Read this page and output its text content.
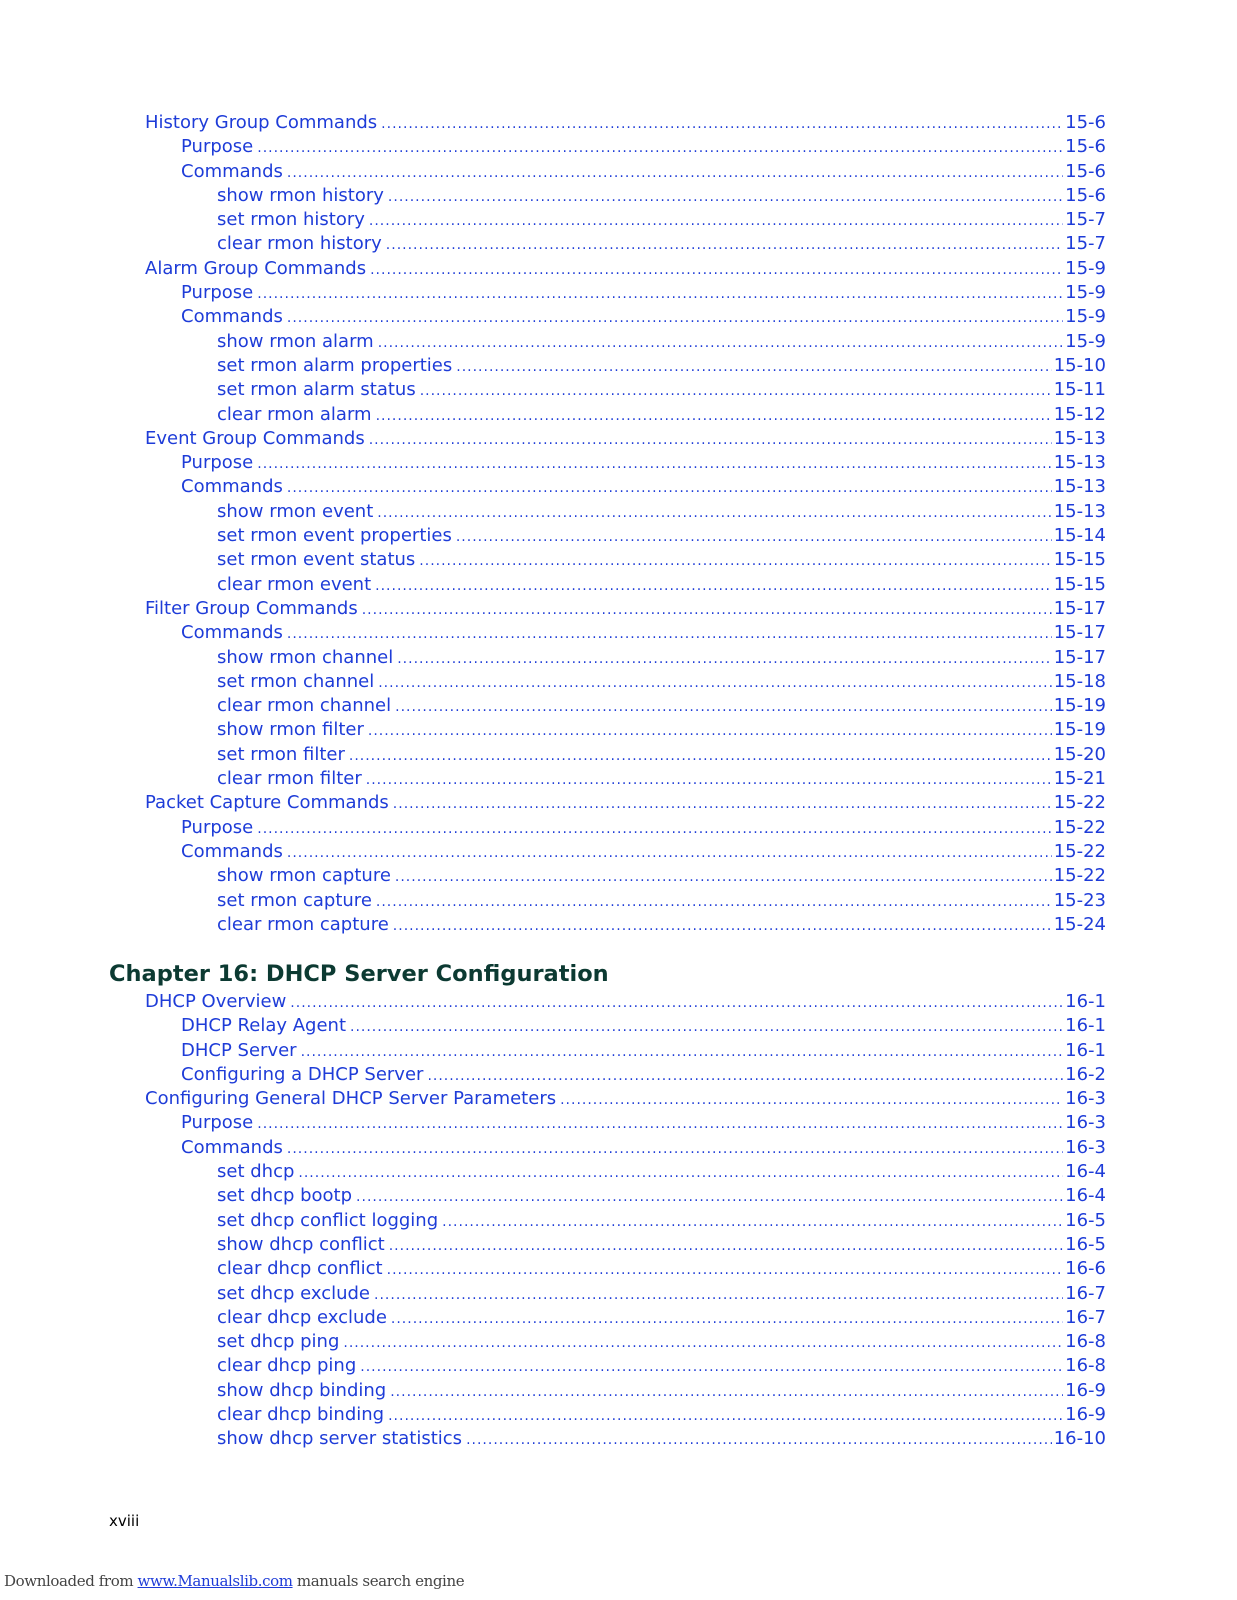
History Group Commands .....	15-6
Purpose .....	15-6
Commands .....	15-6
show rmon history .....	15-6
set rmon history .....	15-7
clear rmon history .....	15-7
Alarm Group Commands .....	15-9
Purpose .....	15-9
Commands .....	15-9
show rmon alarm .....	15-9
set rmon alarm properties .....	15-10
set rmon alarm status .....	15-11
clear rmon alarm .....	15-12
Event Group Commands .....	15-13
Purpose .....	15-13
Commands .....	15-13
show rmon event .....	15-13
set rmon event properties .....	15-14
set rmon event status .....	15-15
clear rmon event .....	15-15
Filter Group Commands .....	15-17
Commands .....	15-17
show rmon channel .....	15-17
set rmon channel .....	15-18
clear rmon channel .....	15-19
show rmon filter .....	15-19
set rmon filter .....	15-20
clear rmon filter .....	15-21
Packet Capture Commands .....	15-22
Purpose .....	15-22
Commands .....	15-22
show rmon capture .....	15-22
set rmon capture .....	15-23
clear rmon capture .....	15-24
Chapter 16: DHCP Server Configuration
DHCP Overview .....	16-1
DHCP Relay Agent .....	16-1
DHCP Server .....	16-1
Configuring a DHCP Server .....	16-2
Configuring General DHCP Server Parameters .....	16-3
Purpose .....	16-3
Commands .....	16-3
set dhcp .....	16-4
set dhcp bootp .....	16-4
set dhcp conflict logging .....	16-5
show dhcp conflict .....	16-5
clear dhcp conflict .....	16-6
set dhcp exclude .....	16-7
clear dhcp exclude .....	16-7
set dhcp ping .....	16-8
clear dhcp ping .....	16-8
show dhcp binding .....	16-9
clear dhcp binding .....	16-9
show dhcp server statistics .....	16-10
xviii
Downloaded from www.Manualslib.com manuals search engine
